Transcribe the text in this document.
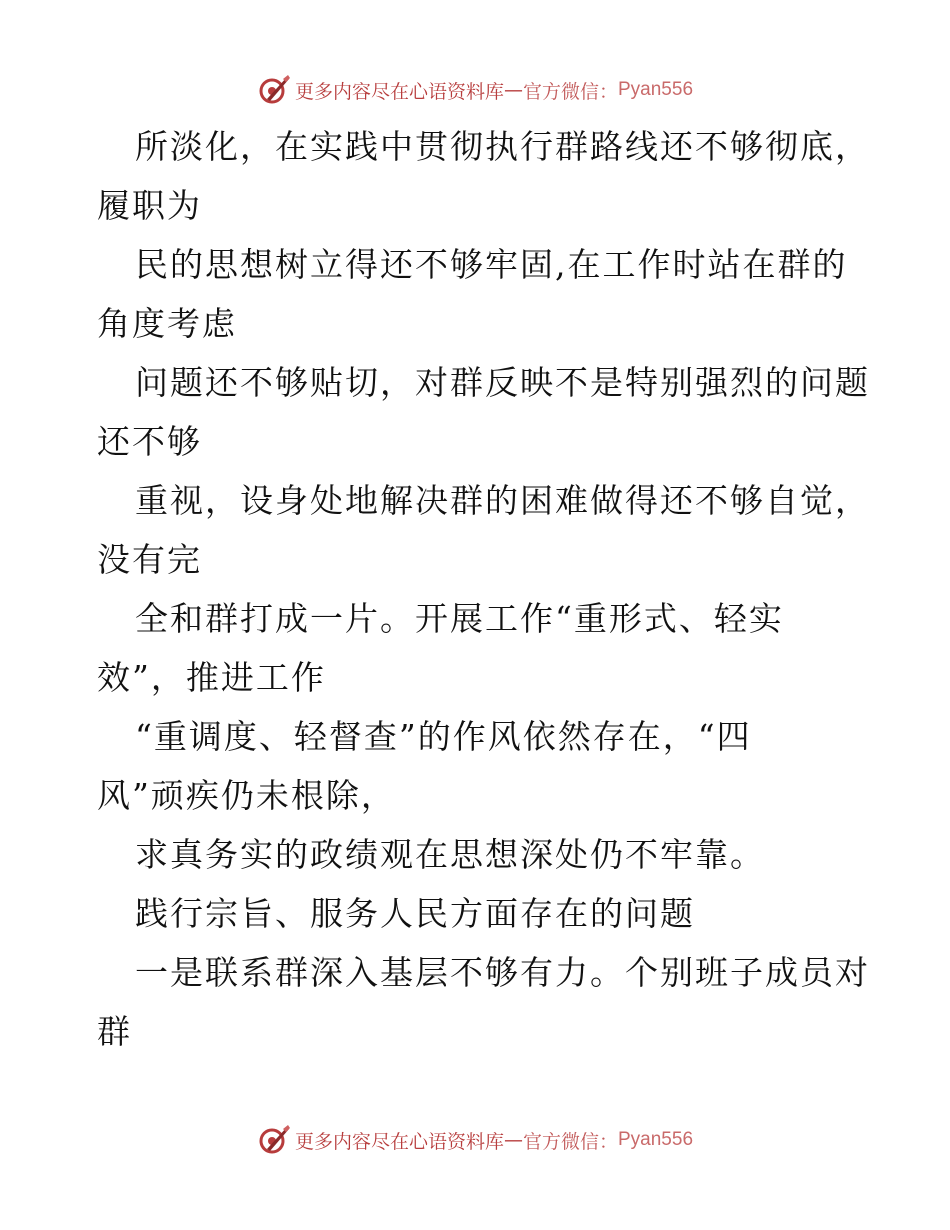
更多内容尽在心语资料库 — 官方微信： Pyan556
所淡化，在实践中贯彻执行群路线还不够彻底，
履职为
民的思想树立得还不够牢固,在工作时站在群的
角度考虑
问题还不够贴切，对群反映不是特别强烈的问题
还不够
重视，设身处地解决群的困难做得还不够自觉，
没有完
全和群打成一片。开展工作“重形式、轻实
效”，推进工作
“重调度、轻督查”的作风依然存在，“四
风”顽疾仍未根除，
求真务实的政绩观在思想深处仍不牢靠。
践行宗旨、服务人民方面存在的问题
一是联系群深入基层不够有力。个别班子成员对
群
更多内容尽在心语资料库 — 官方微信： Pyan556
